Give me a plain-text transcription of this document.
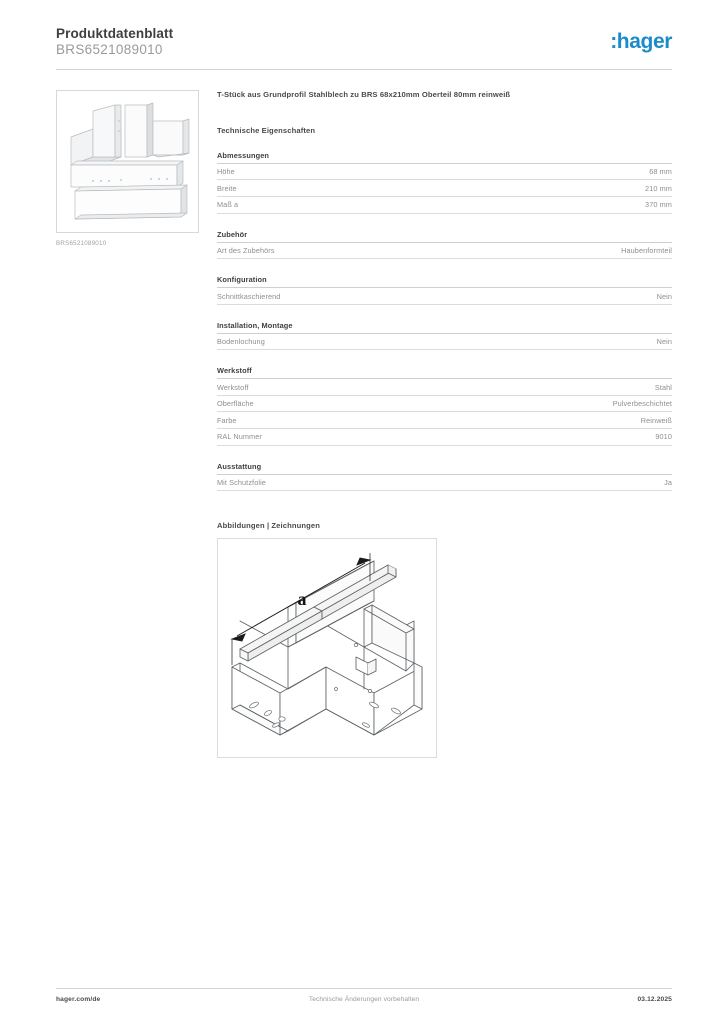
Produktdatenblatt
BRS6521089010	:hager
BRS6521089010
T-Stück aus Grundprofil Stahlblech zu BRS 68x210mm Oberteil 80mm reinweiß
Technische Eigenschaften
Abmessungen
Höhe	68 mm
Breite	210 mm
Maß a	370 mm
Zubehör
Art des Zubehörs	Haubenformteil
Konfiguration
Schnittkaschierend	Nein
Installation, Montage
Bodenlochung	Nein
Werkstoff
Werkstoff	Stahl
Oberfläche	Pulverbeschichtet
Farbe	Reinweiß
RAL Nummer	9010
Ausstattung
Mit Schutzfolie	Ja
Abbildungen | Zeichnungen
a
hager.com/de	Technische Änderungen vorbehalten	03.12.2025
